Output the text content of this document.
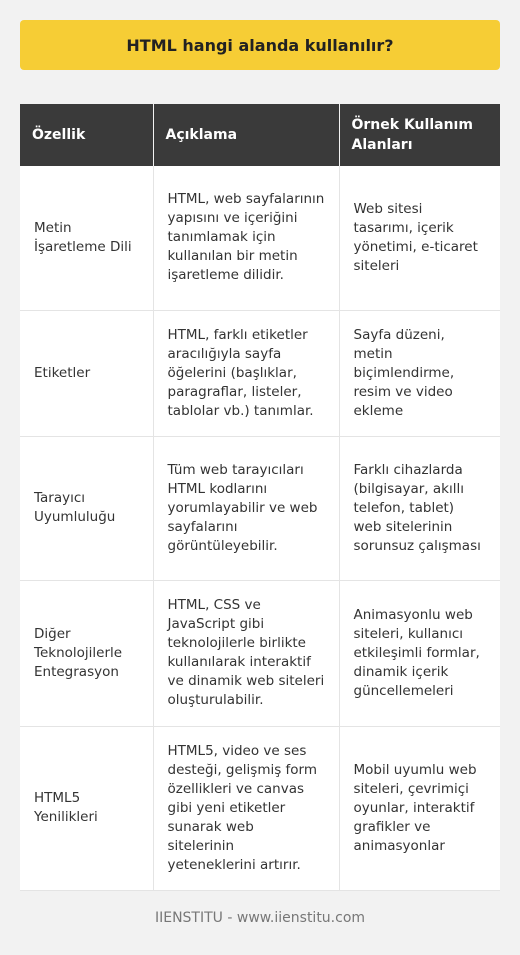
HTML hangi alanda kullanılır?
Özellik	Açıklama	Örnek Kullanım Alanları
Metin İşaretleme Dili	HTML, web sayfalarının yapısını ve içeriğini tanımlamak için kullanılan bir metin işaretleme dilidir.	Web sitesi tasarımı, içerik yönetimi, e-ticaret siteleri
Etiketler	HTML, farklı etiketler aracılığıyla sayfa öğelerini (başlıklar, paragraflar, listeler, tablolar vb.) tanımlar.	Sayfa düzeni, metin biçimlendirme, resim ve video ekleme
Tarayıcı Uyumluluğu	Tüm web tarayıcıları HTML kodlarını yorumlayabilir ve web sayfalarını görüntüleyebilir.	Farklı cihazlarda (bilgisayar, akıllı telefon, tablet) web sitelerinin sorunsuz çalışması
Diğer Teknolojilerle Entegrasyon	HTML, CSS ve JavaScript gibi teknolojilerle birlikte kullanılarak interaktif ve dinamik web siteleri oluşturulabilir.	Animasyonlu web siteleri, kullanıcı etkileşimli formlar, dinamik içerik güncellemeleri
HTML5 Yenilikleri	HTML5, video ve ses desteği, gelişmiş form özellikleri ve canvas gibi yeni etiketler sunarak web sitelerinin yeteneklerini artırır.	Mobil uyumlu web siteleri, çevrimiçi oyunlar, interaktif grafikler ve animasyonlar
IIENSTITU - www.iienstitu.com
